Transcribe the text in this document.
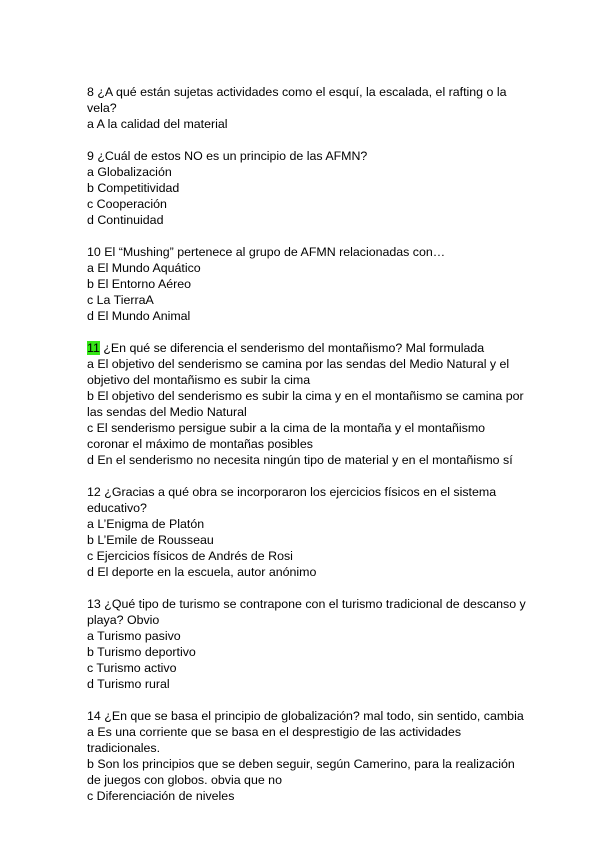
8 ¿A qué están sujetas actividades como el esquí, la escalada, el rafting o la vela?
a A la calidad del material
9 ¿Cuál de estos NO es un principio de las AFMN?
a Globalización
b Competitividad
c Cooperación
d Continuidad
10 El “Mushing” pertenece al grupo de AFMN relacionadas con…
a El Mundo Aquático
b El Entorno Aéreo
c La TierraA
d El Mundo Animal
11 ¿En qué se diferencia el senderismo del montañismo? Mal formulada
a El objetivo del senderismo se camina por las sendas del Medio Natural y el objetivo del montañismo es subir la cima
b El objetivo del senderismo es subir la cima y en el montañismo se camina por las sendas del Medio Natural
c El senderismo persigue subir a la cima de la montaña y el montañismo coronar el máximo de montañas posibles
d En el senderismo no necesita ningún tipo de material y en el montañismo sí
12 ¿Gracias a qué obra se incorporaron los ejercicios físicos en el sistema educativo?
a L’Enigma de Platón
b L’Emile de Rousseau
c Ejercicios físicos de Andrés de Rosi
d El deporte en la escuela, autor anónimo
13 ¿Qué tipo de turismo se contrapone con el turismo tradicional de descanso y playa? Obvio
a Turismo pasivo
b Turismo deportivo
c Turismo activo
d Turismo rural
14 ¿En que se basa el principio de globalización? mal todo, sin sentido, cambia
a Es una corriente que se basa en el desprestigio de las actividades tradicionales.
b Son los principios que se deben seguir, según Camerino, para la realización de juegos con globos. obvia que no
c Diferenciación de niveles
